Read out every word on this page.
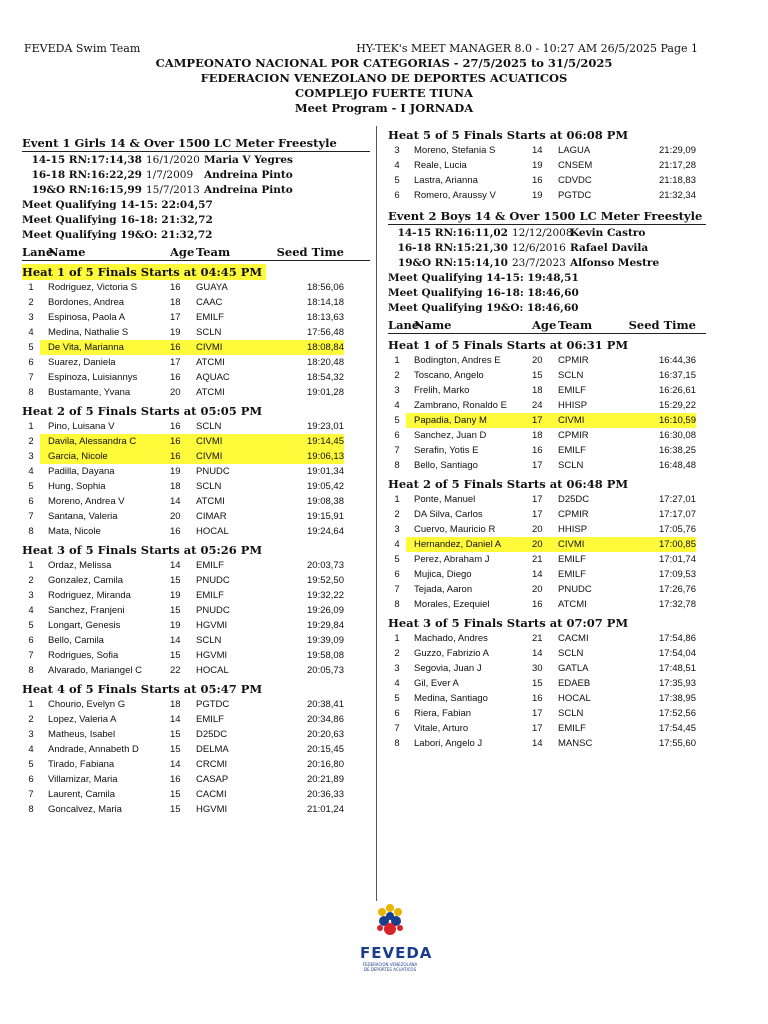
FEVEDA Swim Team	HY-TEK's MEET MANAGER 8.0 - 10:27 AM 26/5/2025 Page 1
CAMPEONATO NACIONAL POR CATEGORIAS - 27/5/2025 to 31/5/2025
FEDERACION VENEZOLANO DE DEPORTES ACUATICOS
COMPLEJO FUERTE TIUNA
Meet Program - I JORNADA
Event 1 Girls 14 & Over 1500 LC Meter Freestyle
14-15 RN:17:14,38 16/1/2020 Maria V Yegres
16-18 RN:16:22,29 1/7/2009	Andreina Pinto
19&O RN:16:15,99 15/7/2013 Andreina Pinto
Meet Qualifying 14-15: 22:04,57
Meet Qualifying 16-18: 21:32,72
Meet Qualifying 19&O: 21:32,72
Lane
Name	Age Team	Seed Time
Heat 1 of 5 Finals Starts at 04:45 PM
1	Rodriguez, Victoria S	16	GUAYA	18:56,06
2	Bordones, Andrea	18	CAAC	18:14,18
3	Espinosa, Paola A	17	EMILF	18:13,63
4	Medina, Nathalie S	19	SCLN	17:56,48
5	De Vita, Marianna	16	CIVMI	18:08,84
6	Suarez, Daniela	17	ATCMI	18:20,48
7	Espinoza, Luisiannys	16	AQUAC	18:54,32
8	Bustamante, Yvana	20	ATCMI	19:01,28
Heat 2 of 5 Finals Starts at 05:05 PM
1	Pino, Luisana V	16	SCLN	19:23,01
2	Davila, Alessandra C	16	CIVMI	19:14,45
3	Garcia, Nicole	16	CIVMI	19:06,13
4	Padilla, Dayana	19	PNUDC	19:01,34
5	Hung, Sophia	18	SCLN	19:05,42
6	Moreno, Andrea V	14	ATCMI	19:08,38
7	Santana, Valeria	20	CIMAR	19:15,91
8	Mata, Nicole	16	HOCAL	19:24,64
Heat 3 of 5 Finals Starts at 05:26 PM
1	Ordaz, Melissa	14	EMILF	20:03,73
2	Gonzalez, Camila	15	PNUDC	19:52,50
3	Rodriguez, Miranda	19	EMILF	19:32,22
4	Sanchez, Franjeni	15	PNUDC	19:26,09
5	Longart, Genesis	19	HGVMI	19:29,84
6	Bello, Camila	14	SCLN	19:39,09
7	Rodrigues, Sofia	15	HGVMI	19:58,08
8	Alvarado, Mariangel C	22	HOCAL	20:05,73
Heat 4 of 5 Finals Starts at 05:47 PM
1	Chourio, Evelyn G	18	PGTDC	20:38,41
2	Lopez, Valeria A	14	EMILF	20:34,86
3	Matheus, Isabel	15	D25DC	20:20,63
4	Andrade, Annabeth D	15	DELMA	20:15,45
5	Tirado, Fabiana	14	CRCMI	20:16,80
6	Villamizar, Maria	16	CASAP	20:21,89
7	Laurent, Camila	15	CACMI	20:36,33
8	Goncalvez, Maria	15	HGVMI	21:01,24
Heat 5 of 5 Finals Starts at 06:08 PM
3	Moreno, Stefania S	14	LAGUA	21:29,09
4	Reale, Lucia	19	CNSEM	21:17,28
5	Lastra, Arianna	16	CDVDC	21:18,83
6	Romero, Araussy V	19	PGTDC	21:32,34
Event 2 Boys 14 & Over 1500 LC Meter Freestyle
14-15 RN:16:11,02 12/12/2008
Kevin Castro
16-18 RN:15:21,30 12/6/2016 Rafael Davila
19&O RN:15:14,10 23/7/2023 Alfonso Mestre
Meet Qualifying 14-15: 19:48,51
Meet Qualifying 16-18: 18:46,60
Meet Qualifying 19&O: 18:46,60
Lane
Name	Age Team	Seed Time
Heat 1 of 5 Finals Starts at 06:31 PM
1	Bodington, Andres E	20	CPMIR	16:44,36
2	Toscano, Angelo	15	SCLN	16:37,15
3	Frelih, Marko	18	EMILF	16:26,61
4	Zambrano, Ronaldo E	24	HHISP	15:29,22
5	Papadia, Dany M	17	CIVMI	16:10,59
6	Sanchez, Juan D	18	CPMIR	16:30,08
7	Serafin, Yotis E	16	EMILF	16:38,25
8	Bello, Santiago	17	SCLN	16:48,48
Heat 2 of 5 Finals Starts at 06:48 PM
1	Ponte, Manuel	17	D25DC	17:27,01
2	DA Silva, Carlos	17	CPMIR	17:17,07
3	Cuervo, Mauricio R	20	HHISP	17:05,76
4	Hernandez, Daniel A	20	CIVMI	17:00,85
5	Perez, Abraham J	21	EMILF	17:01,74
6	Mujica, Diego	14	EMILF	17:09,53
7	Tejada, Aaron	20	PNUDC	17:26,76
8	Morales, Ezequiel	16	ATCMI	17:32,78
Heat 3 of 5 Finals Starts at 07:07 PM
1	Machado, Andres	21	CACMI	17:54,86
2	Guzzo, Fabrizio A	14	SCLN	17:54,04
3	Segovia, Juan J	30	GATLA	17:48,51
4	Gil, Ever A	15	EDAEB	17:35,93
5	Medina, Santiago	16	HOCAL	17:38,95
6	Riera, Fabian	17	SCLN	17:52,56
7	Vitale, Arturo	17	EMILF	17:54,45
8	Labori, Angelo J	14	MANSC	17:55,60
FEVEDA
FEDERACION VENEZOLANA DE DEPORTES ACUATICOS
